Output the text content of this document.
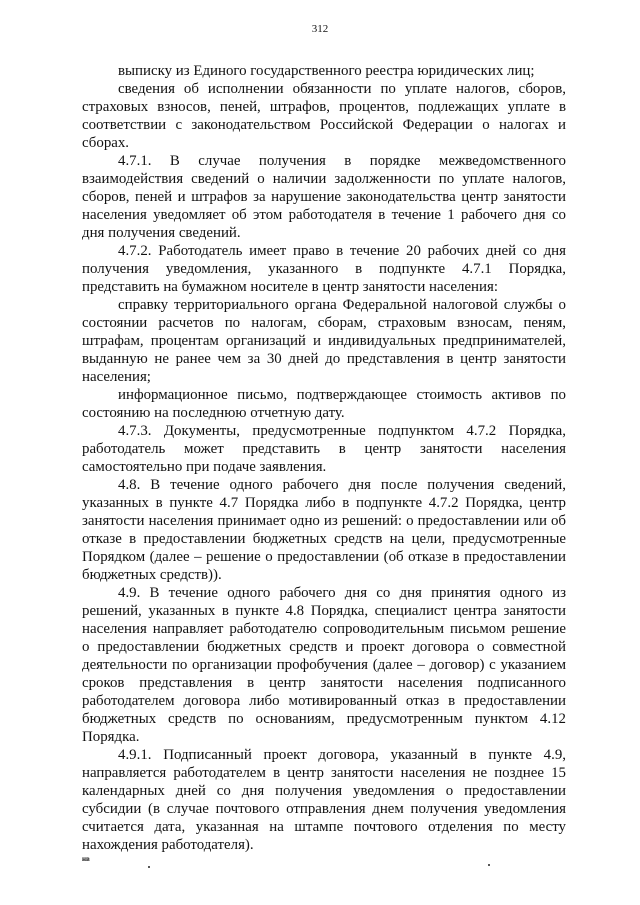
312

выписку из Единого государственного реестра юридических лиц;

сведения об исполнении обязанности по уплате налогов, сборов, страховых взносов, пеней, штрафов, процентов, подлежащих уплате в соответствии с законодательством Российской Федерации о налогах и сборах.

4.7.1. В случае получения в порядке межведомственного взаимодействия сведений о наличии задолженности по уплате налогов, сборов, пеней и штрафов за нарушение законодательства центр занятости населения уведомляет об этом работодателя в течение 1 рабочего дня со дня получения сведений.

4.7.2. Работодатель имеет право в течение 20 рабочих дней со дня получения уведомления, указанного в подпункте 4.7.1 Порядка, представить на бумажном носителе в центр занятости населения:

справку территориального органа Федеральной налоговой службы о состоянии расчетов по налогам, сборам, страховым взносам, пеням, штрафам, процентам организаций и индивидуальных предпринимателей, выданную не ранее чем за 30 дней до представления в центр занятости населения;

информационное письмо, подтверждающее стоимость активов по состоянию на последнюю отчетную дату.

4.7.3. Документы, предусмотренные подпунктом 4.7.2 Порядка, работодатель может представить в центр занятости населения самостоятельно при подаче заявления.

4.8. В течение одного рабочего дня после получения сведений, указанных в пункте 4.7 Порядка либо в подпункте 4.7.2 Порядка, центр занятости населения принимает одно из решений: о предоставлении или об отказе в предоставлении бюджетных средств на цели, предусмотренные Порядком (далее – решение о предоставлении (об отказе в предоставлении бюджетных средств)).

4.9. В течение одного рабочего дня со дня принятия одного из решений, указанных в пункте 4.8 Порядка, специалист центра занятости населения направляет работодателю сопроводительным письмом решение о предоставлении бюджетных средств и проект договора о совместной деятельности по организации профобучения (далее – договор) с указанием сроков представления в центр занятости населения подписанного работодателем договора либо мотивированный отказ в предоставлении бюджетных средств по основаниям, предусмотренным пунктом 4.12 Порядка.

4.9.1. Подписанный проект договора, указанный в пункте 4.9, направляется работодателем в центр занятости населения не позднее 15 календарных дней со дня получения уведомления о предоставлении субсидии (в случае почтового отправления днем получения уведомления считается дата, указанная на штампе почтового отделения по месту нахождения работодателя).

нв
